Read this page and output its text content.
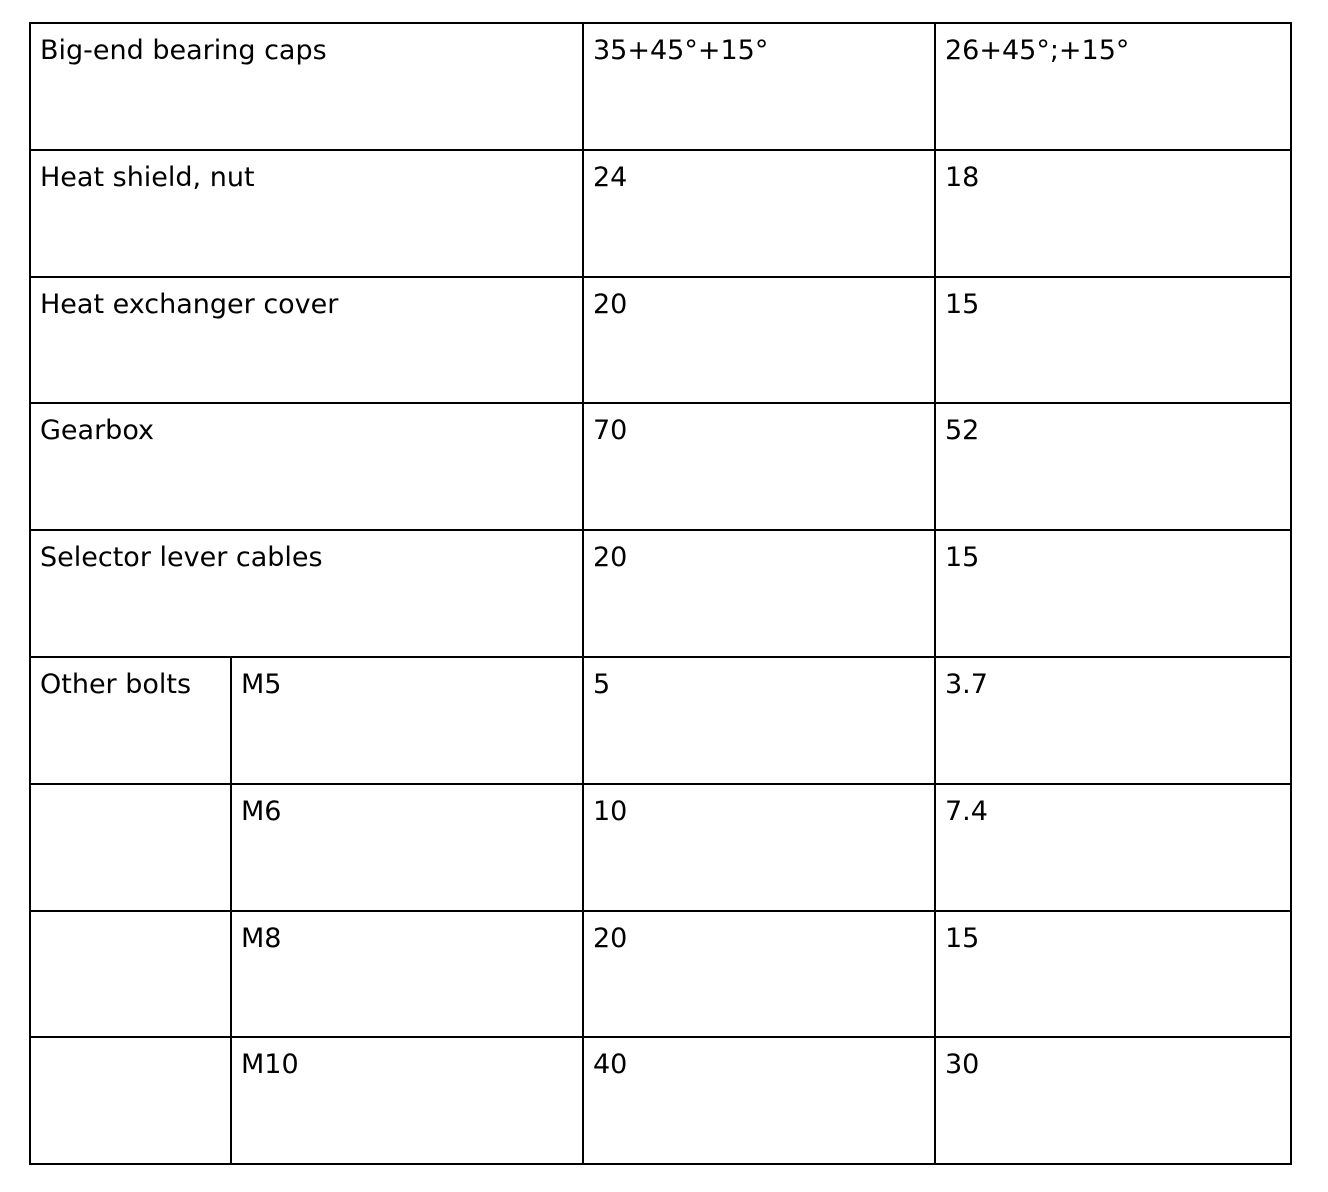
Big-end bearing caps		35+45°+15°	26+45°;+15°
Heat shield, nut		24	18
Heat exchanger cover		20	15
Gearbox		70	52
Selector lever cables		20	15
Other bolts	M5	5	3.7
	M6	10	7.4
	M8	20	15
	M10	40	30
